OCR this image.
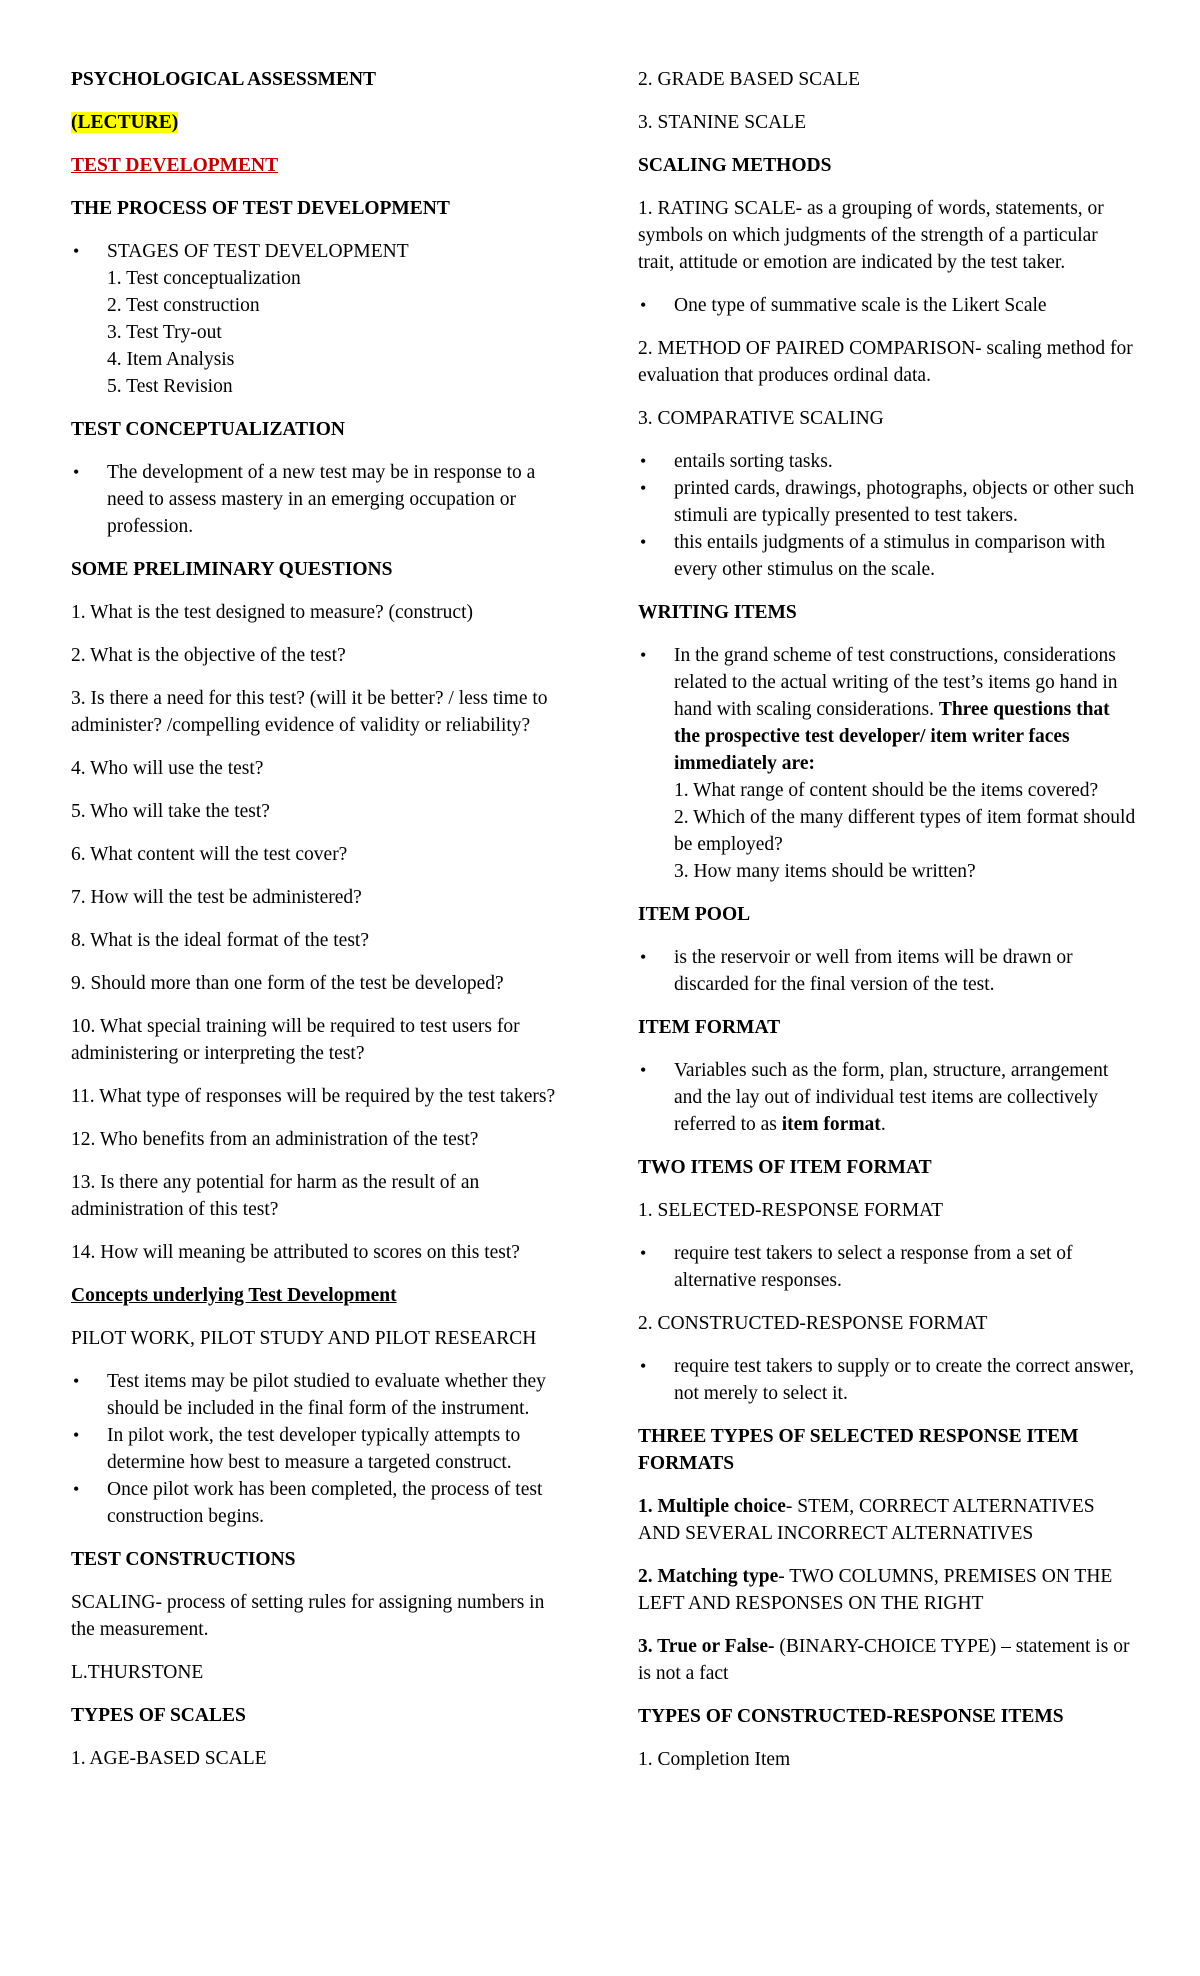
PSYCHOLOGICAL ASSESSMENT
(LECTURE)
TEST DEVELOPMENT
THE PROCESS OF TEST DEVELOPMENT
• STAGES OF TEST DEVELOPMENT
1. Test conceptualization
2. Test construction
3. Test Try-out
4. Item Analysis
5. Test Revision
TEST CONCEPTUALIZATION
• The development of a new test may be in response to a need to assess mastery in an emerging occupation or profession.
SOME PRELIMINARY QUESTIONS
1. What is the test designed to measure? (construct)
2. What is the objective of the test?
3. Is there a need for this test? (will it be better? / less time to administer? /compelling evidence of validity or reliability?
4. Who will use the test?
5. Who will take the test?
6. What content will the test cover?
7. How will the test be administered?
8. What is the ideal format of the test?
9. Should more than one form of the test be developed?
10. What special training will be required to test users for administering or interpreting the test?
11. What type of responses will be required by the test takers?
12. Who benefits from an administration of the test?
13. Is there any potential for harm as the result of an administration of this test?
14. How will meaning be attributed to scores on this test?
Concepts underlying Test Development
PILOT WORK, PILOT STUDY AND PILOT RESEARCH
• Test items may be pilot studied to evaluate whether they should be included in the final form of the instrument.
• In pilot work, the test developer typically attempts to determine how best to measure a targeted construct.
• Once pilot work has been completed, the process of test construction begins.
TEST CONSTRUCTIONS
SCALING- process of setting rules for assigning numbers in the measurement.
L.THURSTONE
TYPES OF SCALES
1. AGE-BASED SCALE
2. GRADE BASED SCALE
3. STANINE SCALE
SCALING METHODS
1. RATING SCALE- as a grouping of words, statements, or symbols on which judgments of the strength of a particular trait, attitude or emotion are indicated by the test taker.
• One type of summative scale is the Likert Scale
2. METHOD OF PAIRED COMPARISON- scaling method for evaluation that produces ordinal data.
3. COMPARATIVE SCALING
• entails sorting tasks.
• printed cards, drawings, photographs, objects or other such stimuli are typically presented to test takers.
• this entails judgments of a stimulus in comparison with every other stimulus on the scale.
WRITING ITEMS
• In the grand scheme of test constructions, considerations related to the actual writing of the test’s items go hand in hand with scaling considerations. Three questions that the prospective test developer/ item writer faces immediately are:
1. What range of content should be the items covered?
2. Which of the many different types of item format should be employed?
3. How many items should be written?
ITEM POOL
• is the reservoir or well from items will be drawn or discarded for the final version of the test.
ITEM FORMAT
• Variables such as the form, plan, structure, arrangement and the lay out of individual test items are collectively referred to as item format.
TWO ITEMS OF ITEM FORMAT
1. SELECTED-RESPONSE FORMAT
• require test takers to select a response from a set of alternative responses.
2. CONSTRUCTED-RESPONSE FORMAT
• require test takers to supply or to create the correct answer, not merely to select it.
THREE TYPES OF SELECTED RESPONSE ITEM FORMATS
1. Multiple choice- STEM, CORRECT ALTERNATIVES AND SEVERAL INCORRECT ALTERNATIVES
2. Matching type- TWO COLUMNS, PREMISES ON THE LEFT AND RESPONSES ON THE RIGHT
3. True or False- (BINARY-CHOICE TYPE) – statement is or is not a fact
TYPES OF CONSTRUCTED-RESPONSE ITEMS
1. Completion Item
